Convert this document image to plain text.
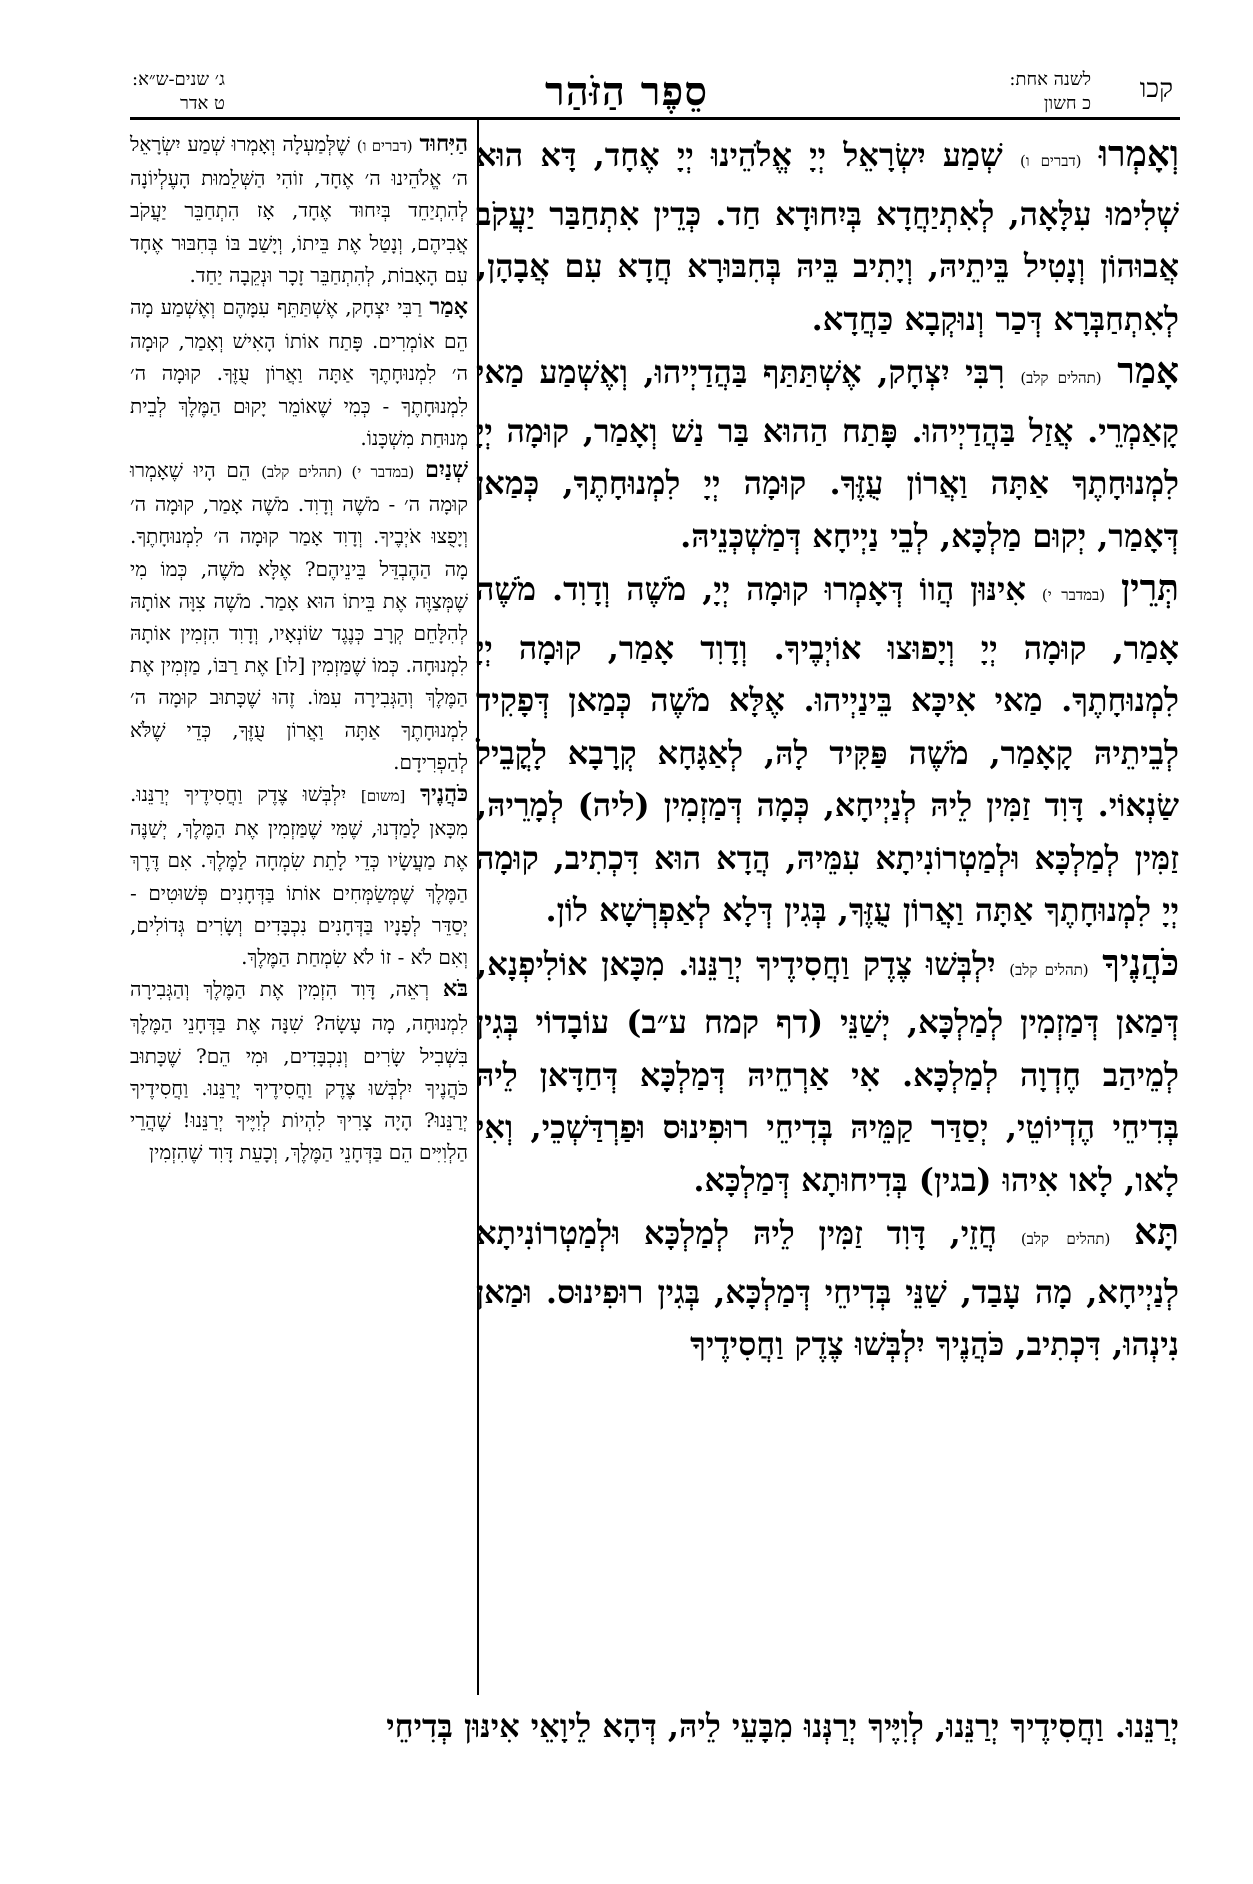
קכו
לשנה אחת:
כ חשון
סֵפֶר הַזֹּהַר
ג׳ שנים-ש״א:
ט אדר

וְאָמְרוּ (דברים ו) שְׁמַע יִשְׂרָאֵל יְיָ אֱלֹהֵינוּ יְיָ אֶחָד, דָּא הוּא שְׁלִימוּ עִלָּאָה, לְאִתְיַחֲדָא בְּיִחוּדָא חַד. כְּדֵין אִתְחַבַּר יַעֲקֹב אֲבוּהוֹן וְנָטִיל בֵּיתֵיהּ, וְיָתִיב בֵּיהּ בְּחִבּוּרָא חֲדָא עִם אֲבָהָן, לְאִתְחַבְּרָא דְּכַר וְנוּקְבָא כַּחֲדָא.

אָמַר (תהלים קלב) רִבִּי יִצְחָק, אֶשְׁתַּתַּף בַּהֲדַיְיהוּ, וְאֶשְׁמַע מַאי קָאַמְרֵי. אֲזַל בַּהֲדַיְיהוּ. פָּתַח הַהוּא בַּר נַשׁ וְאָמַר, קוּמָה יְיָ לִמְנוּחָתֶךָ אַתָּה וַאֲרוֹן עֻזֶּךָ. קוּמָה יְיָ לִמְנוּחָתֶךָ, כְּמַאן דְּאָמַר, יְקוּם מַלְכָּא, לְבֵי נַיְיחָא דְּמַשְׁכְּנֵיהּ.

תְּרֵין (במדבר י) אִינּוּן הֲווֹ דְּאָמְרוּ קוּמָה יְיָ, מֹשֶׁה וְדָוִד. מֹשֶׁה אָמַר, קוּמָה יְיָ וְיָפוּצוּ אוֹיְבֶיךָ. וְדָוִד אָמַר, קוּמָה יְיָ לִמְנוּחָתֶךָ. מַאי אִיכָּא בֵּינַיְיהוּ. אֶלָּא מֹשֶׁה כְּמַאן דְּפָקִיד לְבֵיתֵיהּ קָאָמַר, מֹשֶׁה פַּקִּיד לָהּ, לְאַגָּחָא קְרָבָא לָקֳבֵיל שַׂנְאוֹי. דָּוִד זַמִּין לֵיהּ לְנַיְיחָא, כְּמָה דְּמַזְמִין (ליה) לְמָרֵיהּ, זַמִּין לְמַלְכָּא וּלְמַטְרוֹנִיתָא עִמֵּיהּ, הֲדָא הוּא דִּכְתִיב, קוּמָה יְיָ לִמְנוּחָתֶךָ אַתָּה וַאֲרוֹן עֻזֶּךָ, בְּגִין דְּלָא לְאַפְרְשָׁא לוֹן.

כֹּהֲנֶיךָ (תהלים קלב) יִלְבְּשׁוּ צֶדֶק וַחֲסִידֶיךָ יְרַנֵּנוּ. מִכָּאן אוֹלִיפְנָא, דְּמַאן דְּמַזְמִין לְמַלְכָּא, יְשַׁנֵּי (דף קמח ע״ב) עוֹבָדוֹי בְּגִין לְמֵיהַב חֶדְוָה לְמַלְכָּא. אִי אַרְחֵיהּ דְּמַלְכָּא דְּחַדָּאן לֵיהּ בְּדִיחֵי הֶדְיוֹטֵי, יְסַדַּר קַמֵּיהּ בְּדִיחֵי רוּפִינוּס וּפַרְדַּשְׁכֵי, וְאִי לָאו, לָאו אִיהוּ (בגין) בְּדִיחוּתָא דְּמַלְכָּא.

תָּא (תהלים קלב) חֲזֵי, דָּוִד זַמִּין לֵיהּ לְמַלְכָּא וּלְמַטְרוֹנִיתָא לְנַיְיחָא, מָה עָבַד, שַׁנֵּי בְּדִיחֵי דְּמַלְכָּא, בְּגִין רוּפִינוּס. וּמַאן נִינְהוּ, דִּכְתִיב, כֹּהֲנֶיךָ יִלְבְּשׁוּ צֶדֶק וַחֲסִידֶיךָ

הַיִּחוּד (דברים ו) שֶׁלְּמַעְלָה וְאָמְרוּ שְׁמַע יִשְׂרָאֵל ה׳ אֱלֹהֵינוּ ה׳ אֶחָד, זוֹהִי הַשְּׁלֵמוּת הָעֶלְיוֹנָה לְהִתְיַחֵד בְּיִחוּד אֶחָד, אָז הִתְחַבֵּר יַעֲקֹב אֲבִיהֶם, וְנָטַל אֶת בֵּיתוֹ, וְיָשַׁב בּוֹ בְּחִבּוּר אֶחָד עִם הָאָבוֹת, לְהִתְחַבֵּר זָכָר וּנְקֵבָה יַחַד.

אָמַר רַבִּי יִצְחָק, אֶשְׁתַּתֵּף עִמָּהֶם וְאֶשְׁמַע מָה הֵם אוֹמְרִים. פָּתַח אוֹתוֹ הָאִישׁ וְאָמַר, קוּמָה ה׳ לִמְנוּחָתֶךָ אַתָּה וַאֲרוֹן עֻזֶּךָ. קוּמָה ה׳ לִמְנוּחָתֶךָ - כְּמִי שֶׁאוֹמֵר יָקוּם הַמֶּלֶךְ לְבֵית מְנוּחַת מִשְׁכָּנוֹ.

שְׁנַיִם (במדבר י) (תהלים קלב) הֵם הָיוּ שֶׁאָמְרוּ קוּמָה ה׳ - מֹשֶׁה וְדָוִד. מֹשֶׁה אָמַר, קוּמָה ה׳ וְיָפֻצוּ אֹיְבֶיךָ. וְדָוִד אָמַר קוּמָה ה׳ לִמְנוּחָתֶךָ. מָה הַהֶבְדֵּל בֵּינֵיהֶם? אֶלָּא מֹשֶׁה, כְּמוֹ מִי שֶׁמְּצַוֶּה אֶת בֵּיתוֹ הוּא אָמַר. מֹשֶׁה צִוָּה אוֹתָהּ לְהִלָּחֵם קְרָב כְּנֶגֶד שׂוֹנְאָיו, וְדָוִד הִזְמִין אוֹתָהּ לִמְנוּחָה. כְּמוֹ שֶׁמַּזְמִין [לו] אֶת רַבּוֹ, מַזְמִין אֶת הַמֶּלֶךְ וְהַגְּבִירָה עִמּוֹ. זֶהוּ שֶׁכָּתוּב קוּמָה ה׳ לִמְנוּחָתֶךָ אַתָּה וַאֲרוֹן עֻזֶּךָ, כְּדֵי שֶׁלֹּא לְהַפְרִידָם.

כֹּהֲנֶיךָ [משום] יִלְבְּשׁוּ צֶדֶק וַחֲסִידֶיךָ יְרַנֵּנוּ. מִכָּאן לָמַדְנוּ, שֶׁמִּי שֶׁמַּזְמִין אֶת הַמֶּלֶךְ, יְשַׁנֶּה אֶת מַעֲשָׂיו כְּדֵי לָתֵת שִׂמְחָה לַמֶּלֶךְ. אִם דֶּרֶךְ הַמֶּלֶךְ שֶׁמְּשַׂמְּחִים אוֹתוֹ בַּדְּחָנִים פְּשׁוּטִים - יְסַדֵּר לְפָנָיו בַּדְּחָנִים נִכְבָּדִים וְשָׂרִים גְּדוֹלִים, וְאִם לֹא - זוֹ לֹא שִׂמְחַת הַמֶּלֶךְ.

בֹּא רְאֵה, דָּוִד הִזְמִין אֶת הַמֶּלֶךְ וְהַגְּבִירָה לִמְנוּחָה, מָה עָשָׂה? שִׁנָּה אֶת בַּדְּחָנֵי הַמֶּלֶךְ בִּשְׁבִיל שָׂרִים וְנִכְבָּדִים, וּמִי הֵם? שֶׁכָּתוּב כֹּהֲנֶיךָ יִלְבְּשׁוּ צֶדֶק וַחֲסִידֶיךָ יְרַנֵּנוּ. וַחֲסִידֶיךָ יְרַנֵּנוּ? הָיָה צָרִיךְ לִהְיוֹת לְוִיֶּיךָ יְרַנֵּנוּ! שֶׁהֲרֵי הַלְוִיִּים הֵם בַּדְּחָנֵי הַמֶּלֶךְ, וְכָעֵת דָּוִד שֶׁהִזְמִין

יְרַנֵּנוּ. וַחֲסִידֶיךָ יְרַנֵּנוּ, לְוִיֶּיךָ יְרַנְּנוּ מִבָּעֵי לֵיהּ, דְּהָא לֵיוָאֵי אִינּוּן בְּדִיחֵי
